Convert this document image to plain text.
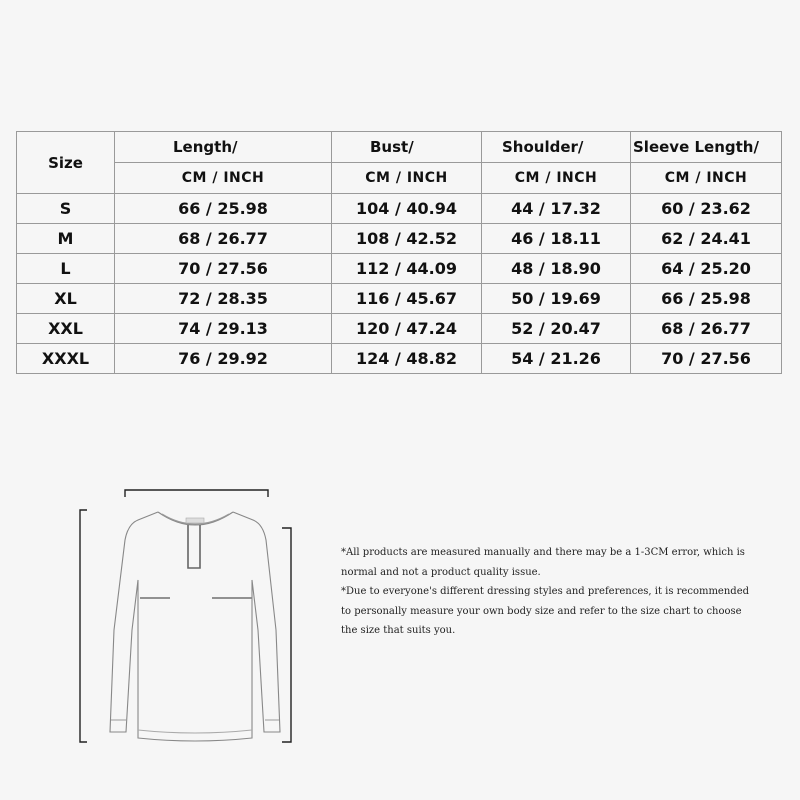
Size	Length/	Bust/	Shoulder/	Sleeve Length/
	CM / INCH	CM / INCH	CM / INCH	CM / INCH
S	66 / 25.98	104 / 40.94	44 / 17.32	60 / 23.62
M	68 / 26.77	108 / 42.52	46 / 18.11	62 / 24.41
L	70 / 27.56	112 / 44.09	48 / 18.90	64 / 25.20
XL	72 / 28.35	116 / 45.67	50 / 19.69	66 / 25.98
XXL	74 / 29.13	120 / 47.24	52 / 20.47	68 / 26.77
XXXL	76 / 29.92	124 / 48.82	54 / 21.26	70 / 27.56

*All products are measured manually and there may be a 1-3CM error, which is

normal and not a product quality issue.

*Due to everyone's different dressing styles and preferences, it is recommended

to personally measure your own body size and refer to the size chart to choose

the size that suits you.
